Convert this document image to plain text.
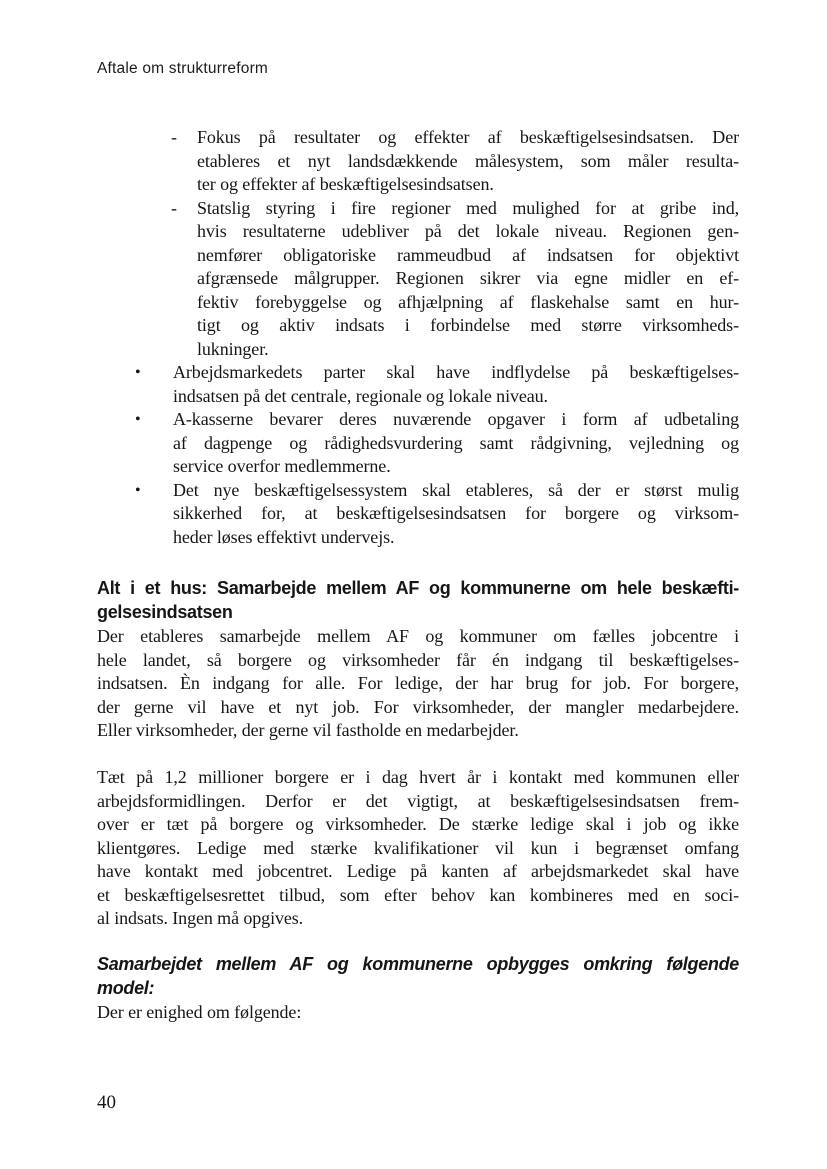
Aftale om strukturreform
- Fokus på resultater og effekter af beskæftigelsesindsatsen. Der
etableres et nyt landsdækkende målesystem, som måler resulta-
ter og effekter af beskæftigelsesindsatsen.
- Statslig styring i fire regioner med mulighed for at gribe ind,
hvis resultaterne udebliver på det lokale niveau. Regionen gen-
nemfører obligatoriske rammeudbud af indsatsen for objektivt
afgrænsede målgrupper. Regionen sikrer via egne midler en ef-
fektiv forebyggelse og afhjælpning af flaskehalse samt en hur-
tigt og aktiv indsats i forbindelse med større virksomheds-
lukninger.
• Arbejdsmarkedets parter skal have indflydelse på beskæftigelses-
indsatsen på det centrale, regionale og lokale niveau.
• A-kasserne bevarer deres nuværende opgaver i form af udbetaling
af dagpenge og rådighedsvurdering samt rådgivning, vejledning og
service overfor medlemmerne.
• Det nye beskæftigelsessystem skal etableres, så der er størst mulig
sikkerhed for, at beskæftigelsesindsatsen for borgere og virksom-
heder løses effektivt undervejs.
Alt i et hus: Samarbejde mellem AF og kommunerne om hele beskæfti-
gelsesindsatsen
Der etableres samarbejde mellem AF og kommuner om fælles jobcentre i
hele landet, så borgere og virksomheder får én indgang til beskæftigelses-
indsatsen. Èn indgang for alle. For ledige, der har brug for job. For borgere,
der gerne vil have et nyt job. For virksomheder, der mangler medarbejdere.
Eller virksomheder, der gerne vil fastholde en medarbejder.
Tæt på 1,2 millioner borgere er i dag hvert år i kontakt med kommunen eller
arbejdsformidlingen. Derfor er det vigtigt, at beskæftigelsesindsatsen frem-
over er tæt på borgere og virksomheder. De stærke ledige skal i job og ikke
klientgøres. Ledige med stærke kvalifikationer vil kun i begrænset omfang
have kontakt med jobcentret. Ledige på kanten af arbejdsmarkedet skal have
et beskæftigelsesrettet tilbud, som efter behov kan kombineres med en soci-
al indsats. Ingen må opgives.
Samarbejdet mellem AF og kommunerne opbygges omkring følgende
model:
Der er enighed om følgende:
40
